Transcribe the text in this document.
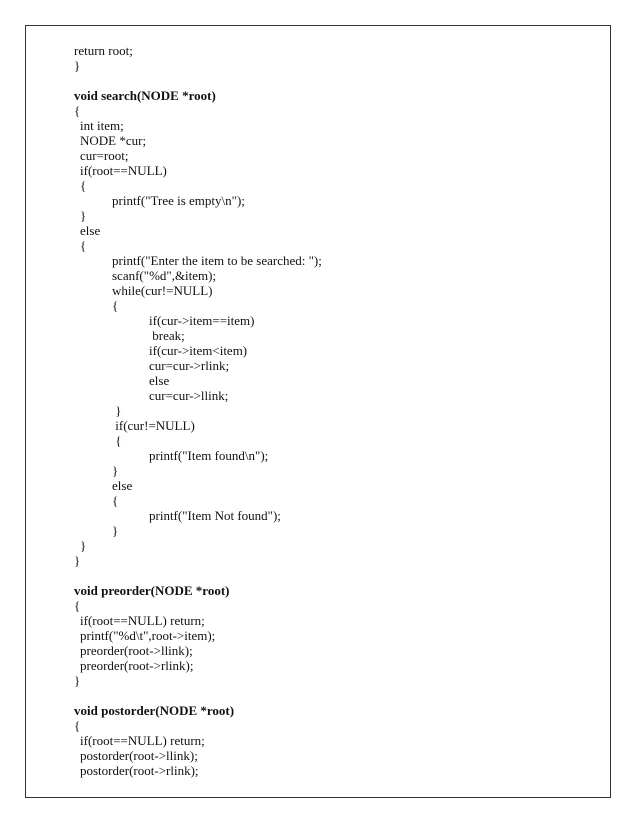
return root;
}
void search(NODE *root)
{
int item;
NODE *cur;
cur=root;
if(root==NULL)
{
printf("Tree is empty\n");
}
else
{
printf("Enter the item to be searched: ");
scanf("%d",&item);
while(cur!=NULL)
{
if(cur->item==item)
break;
if(cur->item<item)
cur=cur->rlink;
else
cur=cur->llink;
}
if(cur!=NULL)
{
printf("Item found\n");
}
else
{
printf("Item Not found");
}
}
}
void preorder(NODE *root)
{
if(root==NULL) return;
printf("%d\t",root->item);
preorder(root->llink);
preorder(root->rlink);
}
void postorder(NODE *root)
{
if(root==NULL) return;
postorder(root->llink);
postorder(root->rlink);
